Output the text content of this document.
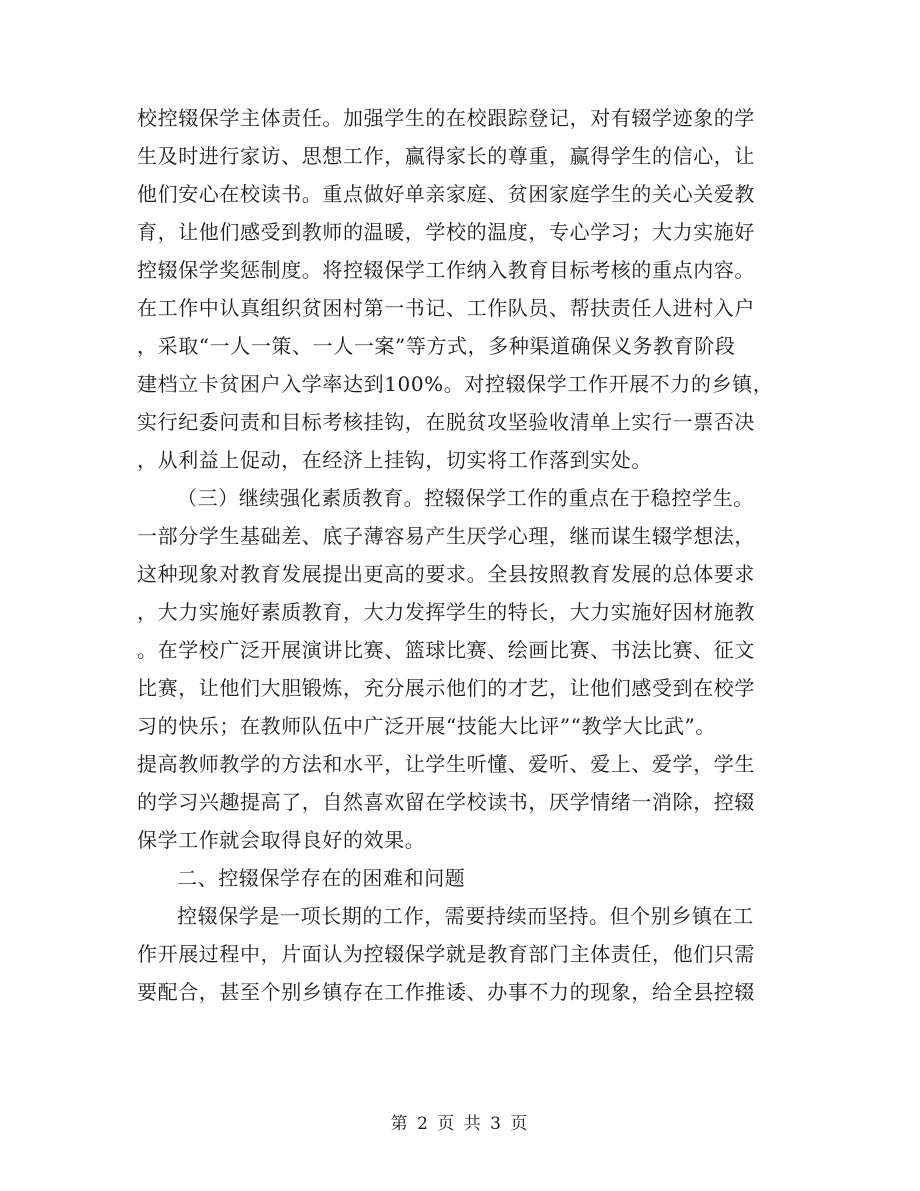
校控辍保学主体责任。加强学生的在校跟踪登记，对有辍学迹象的学
生及时进行家访、思想工作，赢得家长的尊重，赢得学生的信心，让
他们安心在校读书。重点做好单亲家庭、贫困家庭学生的关心关爱教
育，让他们感受到教师的温暖，学校的温度，专心学习；大力实施好
控辍保学奖惩制度。将控辍保学工作纳入教育目标考核的重点内容。
在工作中认真组织贫困村第一书记、工作队员、帮扶责任人进村入户
，采取“一人一策、一人一案”等方式，多种渠道确保义务教育阶段
建档立卡贫困户入学率达到100%。对控辍保学工作开展不力的乡镇，
实行纪委问责和目标考核挂钩，在脱贫攻坚验收清单上实行一票否决
，从利益上促动，在经济上挂钩，切实将工作落到实处。
（三）继续强化素质教育。控辍保学工作的重点在于稳控学生。
一部分学生基础差、底子薄容易产生厌学心理，继而谋生辍学想法，
这种现象对教育发展提出更高的要求。全县按照教育发展的总体要求
，大力实施好素质教育，大力发挥学生的特长，大力实施好因材施教
。在学校广泛开展演讲比赛、篮球比赛、绘画比赛、书法比赛、征文
比赛，让他们大胆锻炼，充分展示他们的才艺，让他们感受到在校学
习的快乐；在教师队伍中广泛开展“技能大比评”“教学大比武”。
提高教师教学的方法和水平，让学生听懂、爱听、爱上、爱学，学生
的学习兴趣提高了，自然喜欢留在学校读书，厌学情绪一消除，控辍
保学工作就会取得良好的效果。
二、控辍保学存在的困难和问题
控辍保学是一项长期的工作，需要持续而坚持。但个别乡镇在工
作开展过程中，片面认为控辍保学就是教育部门主体责任，他们只需
要配合，甚至个别乡镇存在工作推诿、办事不力的现象，给全县控辍
第 2 页 共 3 页
